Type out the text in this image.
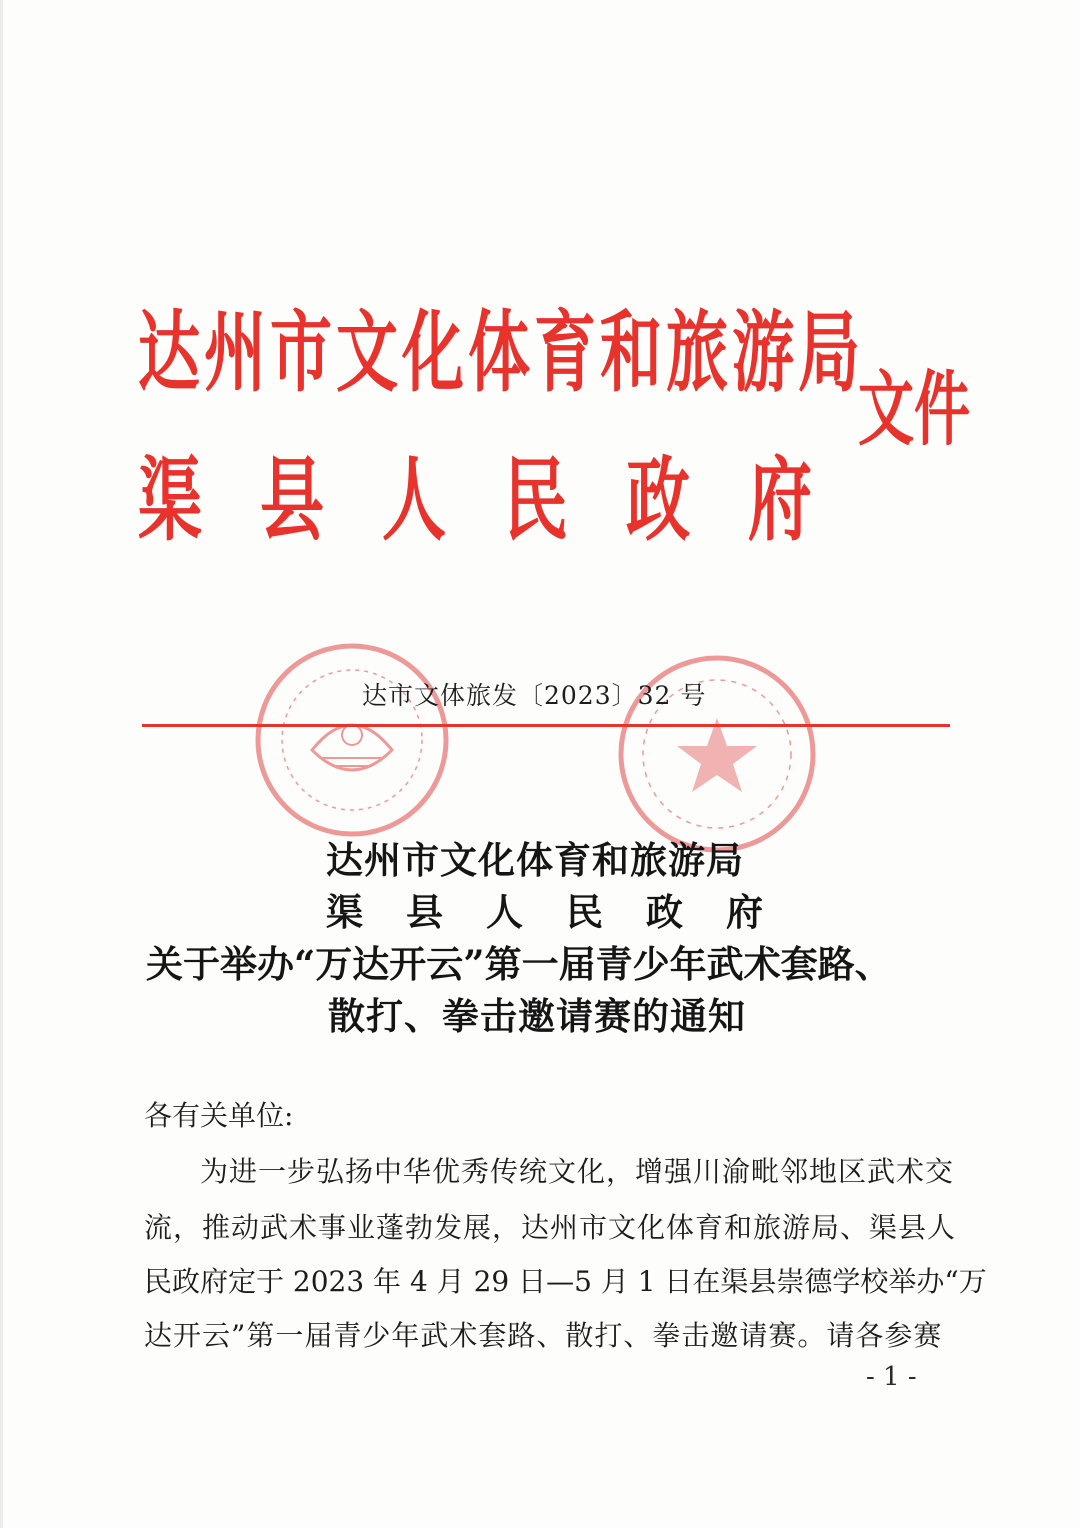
达州市文化体育和旅游局
渠县人民政府
文件
达市文体旅发〔2023〕32 号
达州市文化体育和旅游局
渠县人民政府
关于举办“万达开云”第一届青少年武术套路、
散打、拳击邀请赛的通知
各有关单位:
为进一步弘扬中华优秀传统文化，增强川渝毗邻地区武术交
流，推动武术事业蓬勃发展，达州市文化体育和旅游局、渠县人
民政府定于 2023 年 4 月 29 日—5 月 1 日在渠县崇德学校举办“万
达开云”第一届青少年武术套路、散打、拳击邀请赛。请各参赛
- 1 -
